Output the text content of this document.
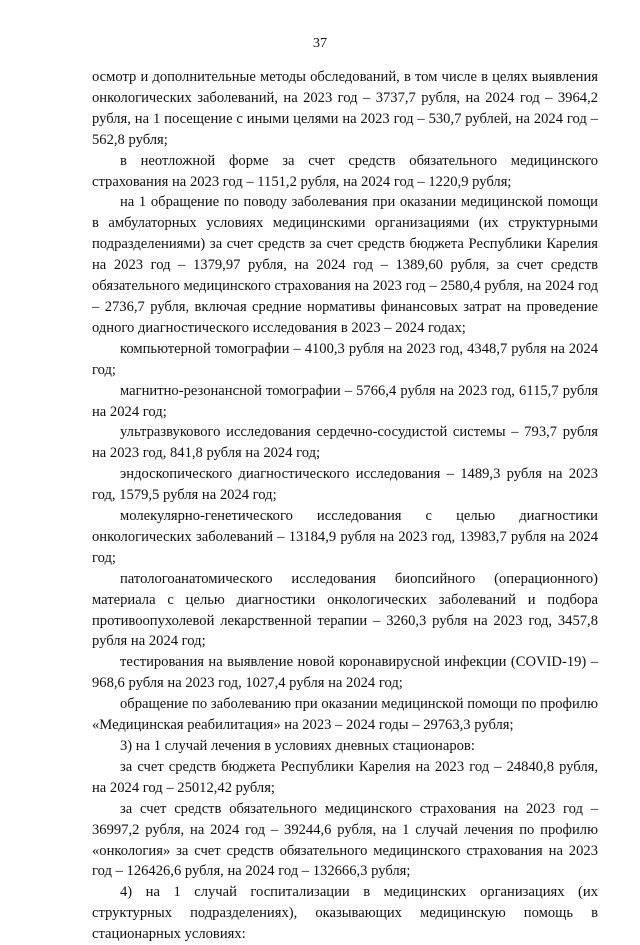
37

осмотр и дополнительные методы обследований, в том числе в целях выявления онкологических заболеваний, на 2023 год – 3737,7 рубля, на 2024 год – 3964,2 рубля, на 1 посещение с иными целями на 2023 год – 530,7 рублей, на 2024 год – 562,8 рубля;

в неотложной форме за счет средств обязательного медицинского страхования на 2023 год – 1151,2 рубля, на 2024 год – 1220,9 рубля;

на 1 обращение по поводу заболевания при оказании медицинской помощи в амбулаторных условиях медицинскими организациями (их структурными подразделениями) за счет средств за счет средств бюджета Республики Карелия на 2023 год – 1379,97 рубля, на 2024 год – 1389,60 рубля, за счет средств обязательного медицинского страхования на 2023 год – 2580,4 рубля, на 2024 год – 2736,7 рубля, включая средние нормативы финансовых затрат на проведение одного диагностического исследования в 2023 – 2024 годах;

компьютерной томографии – 4100,3 рубля на 2023 год, 4348,7 рубля на 2024 год;

магнитно-резонансной томографии – 5766,4 рубля на 2023 год, 6115,7 рубля на 2024 год;

ультразвукового исследования сердечно-сосудистой системы – 793,7 рубля на 2023 год, 841,8 рубля на 2024 год;

эндоскопического диагностического исследования – 1489,3 рубля на 2023 год, 1579,5 рубля на 2024 год;

молекулярно-генетического исследования с целью диагностики онкологических заболеваний – 13184,9 рубля на 2023 год, 13983,7 рубля на 2024 год;

патологоанатомического исследования биопсийного (операционного) материала с целью диагностики онкологических заболеваний и подбора противоопухолевой лекарственной терапии – 3260,3 рубля на 2023 год, 3457,8 рубля на 2024 год;

тестирования на выявление новой коронавирусной инфекции (COVID-19) – 968,6 рубля на 2023 год, 1027,4 рубля на 2024 год;

обращение по заболеванию при оказании медицинской помощи по профилю «Медицинская реабилитация» на 2023 – 2024 годы – 29763,3 рубля;

3) на 1 случай лечения в условиях дневных стационаров:

за счет средств бюджета Республики Карелия на 2023 год – 24840,8 рубля, на 2024 год – 25012,42 рубля;

за счет средств обязательного медицинского страхования на 2023 год – 36997,2 рубля, на 2024 год – 39244,6 рубля, на 1 случай лечения по профилю «онкология» за счет средств обязательного медицинского страхования на 2023 год – 126426,6 рубля, на 2024 год – 132666,3 рубля;

4) на 1 случай госпитализации в медицинских организациях (их структурных подразделениях), оказывающих медицинскую помощь в стационарных условиях:
